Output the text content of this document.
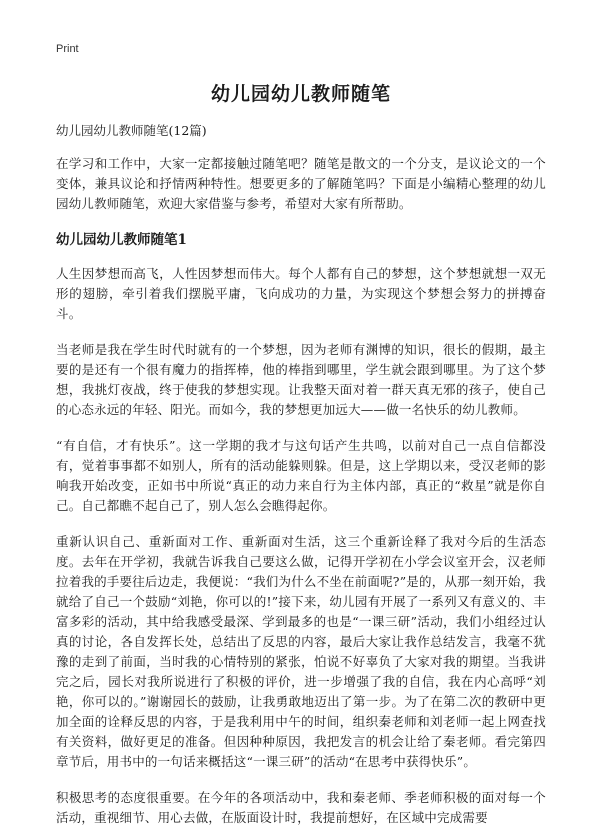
Print
幼儿园幼儿教师随笔
幼儿园幼儿教师随笔(12篇)

在学习和工作中，大家一定都接触过随笔吧？随笔是散文的一个分支，是议论文的一个变体，兼具议论和抒情两种特性。想要更多的了解随笔吗？下面是小编精心整理的幼儿园幼儿教师随笔，欢迎大家借鉴与参考，希望对大家有所帮助。

幼儿园幼儿教师随笔1

人生因梦想而高飞，人性因梦想而伟大。每个人都有自己的梦想，这个梦想就想一双无形的翅膀，牵引着我们摆脱平庸，飞向成功的力量，为实现这个梦想会努力的拼搏奋斗。

当老师是我在学生时代时就有的一个梦想，因为老师有渊博的知识，很长的假期，最主要的是还有一个很有魔力的指挥棒，他的棒指到哪里，学生就会跟到哪里。为了这个梦想，我挑灯夜战，终于使我的梦想实现。让我整天面对着一群天真无邪的孩子，使自己的心态永远的年轻、阳光。而如今，我的梦想更加远大——做一名快乐的幼儿教师。

“有自信，才有快乐”。这一学期的我才与这句话产生共鸣，以前对自己一点自信都没有，觉着事事都不如别人，所有的活动能躲则躲。但是，这上学期以来，受汉老师的影响我开始改变，正如书中所说“真正的动力来自行为主体内部，真正的“救星”就是你自己。自己都瞧不起自己了，别人怎么会瞧得起你。

重新认识自己、重新面对工作、重新面对生活，这三个重新诠释了我对今后的生活态度。去年在开学初，我就告诉我自己要这么做，记得开学初在小学会议室开会，汉老师拉着我的手要往后边走，我便说：“我们为什么不坐在前面呢?”是的，从那一刻开始，我就给了自己一个鼓励“刘艳，你可以的!”接下来，幼儿园有开展了一系列又有意义的、丰富多彩的活动，其中给我感受最深、学到最多的也是“一课三研”活动，我们小组经过认真的讨论，各自发挥长处，总结出了反思的内容，最后大家让我作总结发言，我毫不犹豫的走到了前面，当时我的心情特别的紧张，怕说不好辜负了大家对我的期望。当我讲完之后，园长对我所说进行了积极的评价，进一步增强了我的自信，我在内心高呼“刘艳，你可以的。”谢谢园长的鼓励，让我勇敢地迈出了第一步。为了在第二次的教研中更加全面的诠释反思的内容，于是我利用中午的时间，组织秦老师和刘老师一起上网查找有关资料，做好更足的准备。但因种种原因，我把发言的机会让给了秦老师。看完第四章节后，用书中的一句话来概括这“一课三研”的活动“在思考中获得快乐”。

积极思考的态度很重要。在今年的各项活动中，我和秦老师、季老师积极的面对每一个活动，重视细节、用心去做，在版面设计时，我提前想好，在区域中完成需要
